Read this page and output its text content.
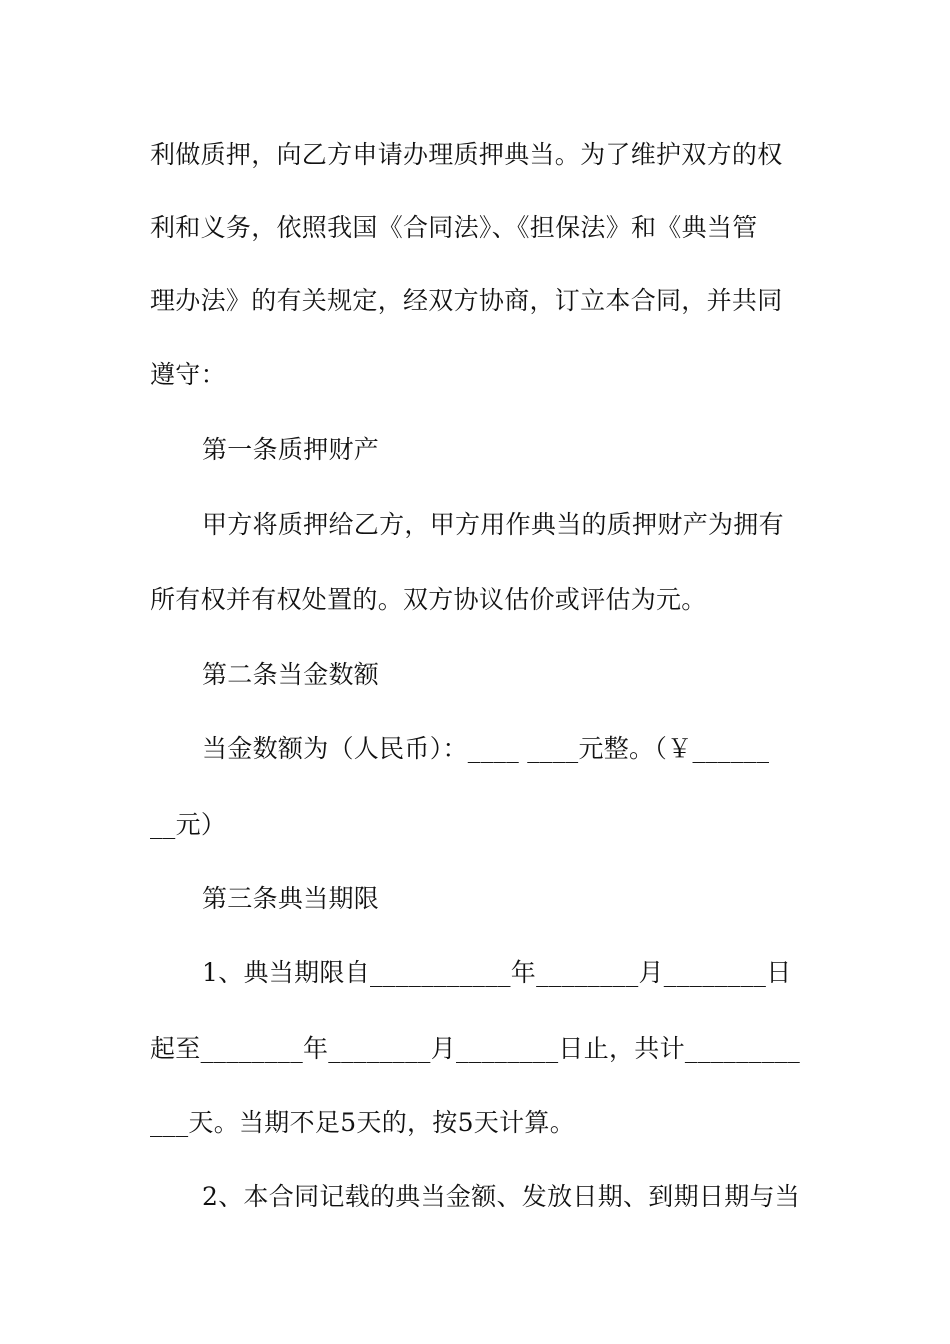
利做质押，向乙方申请办理质押典当。为了维护双方的权
利和义务，依照我国《合同法》、《担保法》和《典当管
理办法》的有关规定，经双方协商，订立本合同，并共同
遵守：
第一条质押财产
甲方将质押给乙方，甲方用作典当的质押财产为拥有
所有权并有权处置的。双方协议估价或评估为元。
第二条当金数额
当金数额为（人民币）：____ ____元整。（￥______
__元）
第三条典当期限
1、典当期限自___________年________月________日
起至________年________月________日止，共计_________
___天。当期不足5天的，按5天计算。
2、本合同记载的典当金额、发放日期、到期日期与当
